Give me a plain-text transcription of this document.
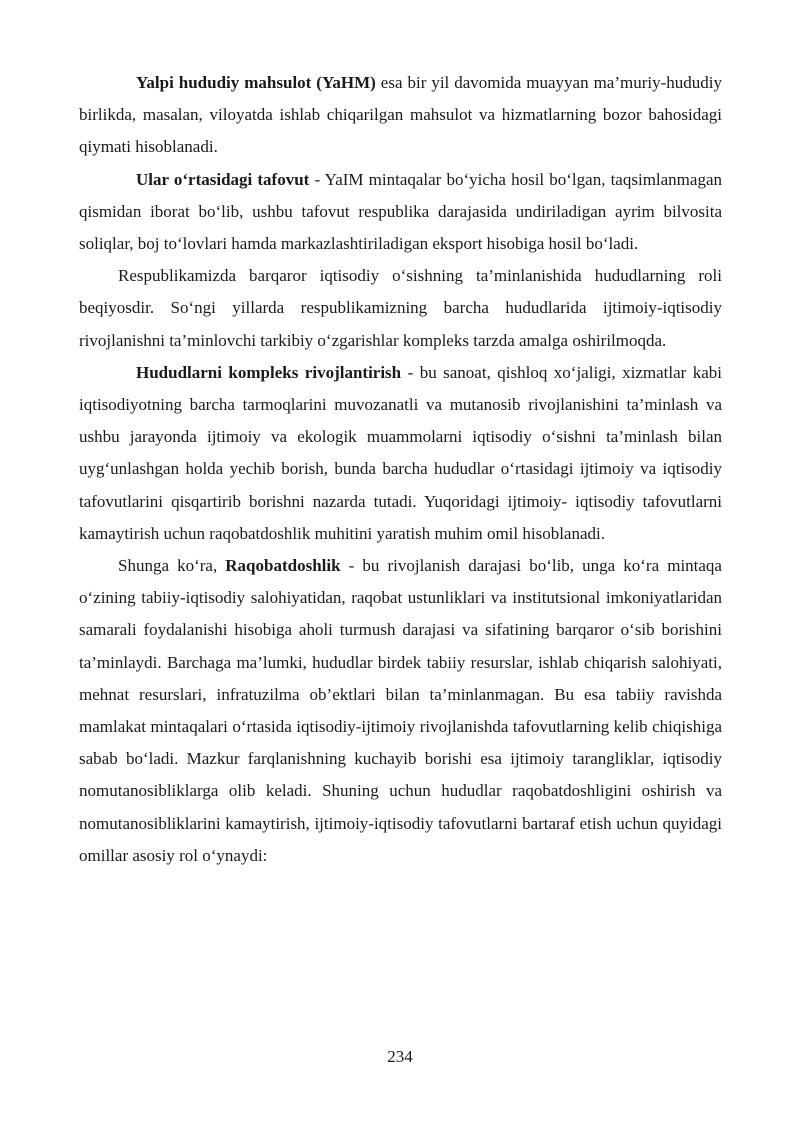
Yalpi hududiy mahsulot (YaHM) esa bir yil davomida muayyan ma’muriy-hududiy birlikda, masalan, viloyatda ishlab chiqarilgan mahsulot va hizmatlarning bozor bahosidagi qiymati hisoblanadi.

Ular o‘rtasidagi tafovut - YaIM mintaqalar bo‘yicha hosil bo‘lgan, taqsimlanmagan qismidan iborat bo‘lib, ushbu tafovut respublika darajasida undiriladigan ayrim bilvosita soliqlar, boj to‘lovlari hamda markazlashtiriladigan eksport hisobiga hosil bo‘ladi.

Respublikamizda barqaror iqtisodiy o‘sishning ta’minlanishida hududlarning roli beqiyosdir. So‘ngi yillarda respublikamizning barcha hududlarida ijtimoiy-iqtisodiy rivojlanishni ta’minlovchi tarkibiy o‘zgarishlar kompleks tarzda amalga oshirilmoqda.

Hududlarni kompleks rivojlantirish - bu sanoat, qishloq xo‘jaligi, xizmatlar kabi iqtisodiyotning barcha tarmoqlarini muvozanatli va mutanosib rivojlanishini ta’minlash va ushbu jarayonda ijtimoiy va ekologik muammolarni iqtisodiy o‘sishni ta’minlash bilan uyg‘unlashgan holda yechib borish, bunda barcha hududlar o‘rtasidagi ijtimoiy va iqtisodiy tafovutlarini qisqartirib borishni nazarda tutadi. Yuqoridagi ijtimoiy- iqtisodiy tafovutlarni kamaytirish uchun raqobatdoshlik muhitini yaratish muhim omil hisoblanadi.

Shunga ko‘ra, Raqobatdoshlik - bu rivojlanish darajasi bo‘lib, unga ko‘ra mintaqa o‘zining tabiiy-iqtisodiy salohiyatidan, raqobat ustunliklari va institutsional imkoniyatlaridan samarali foydalanishi hisobiga aholi turmush darajasi va sifatining barqaror o‘sib borishini ta’minlaydi. Barchaga ma’lumki, hududlar birdek tabiiy resurslar, ishlab chiqarish salohiyati, mehnat resurslari, infratuzilma ob’ektlari bilan ta’minlanmagan. Bu esa tabiiy ravishda mamlakat mintaqalari o‘rtasida iqtisodiy-ijtimoiy rivojlanishda tafovutlarning kelib chiqishiga sabab bo‘ladi. Mazkur farqlanishning kuchayib borishi esa ijtimoiy tarangliklar, iqtisodiy nomutanosibliklarga olib keladi. Shuning uchun hududlar raqobatdoshligini oshirish va nomutanosibliklarini kamaytirish, ijtimoiy-iqtisodiy tafovutlarni bartaraf etish uchun quyidagi omillar asosiy rol o‘ynaydi:

234
